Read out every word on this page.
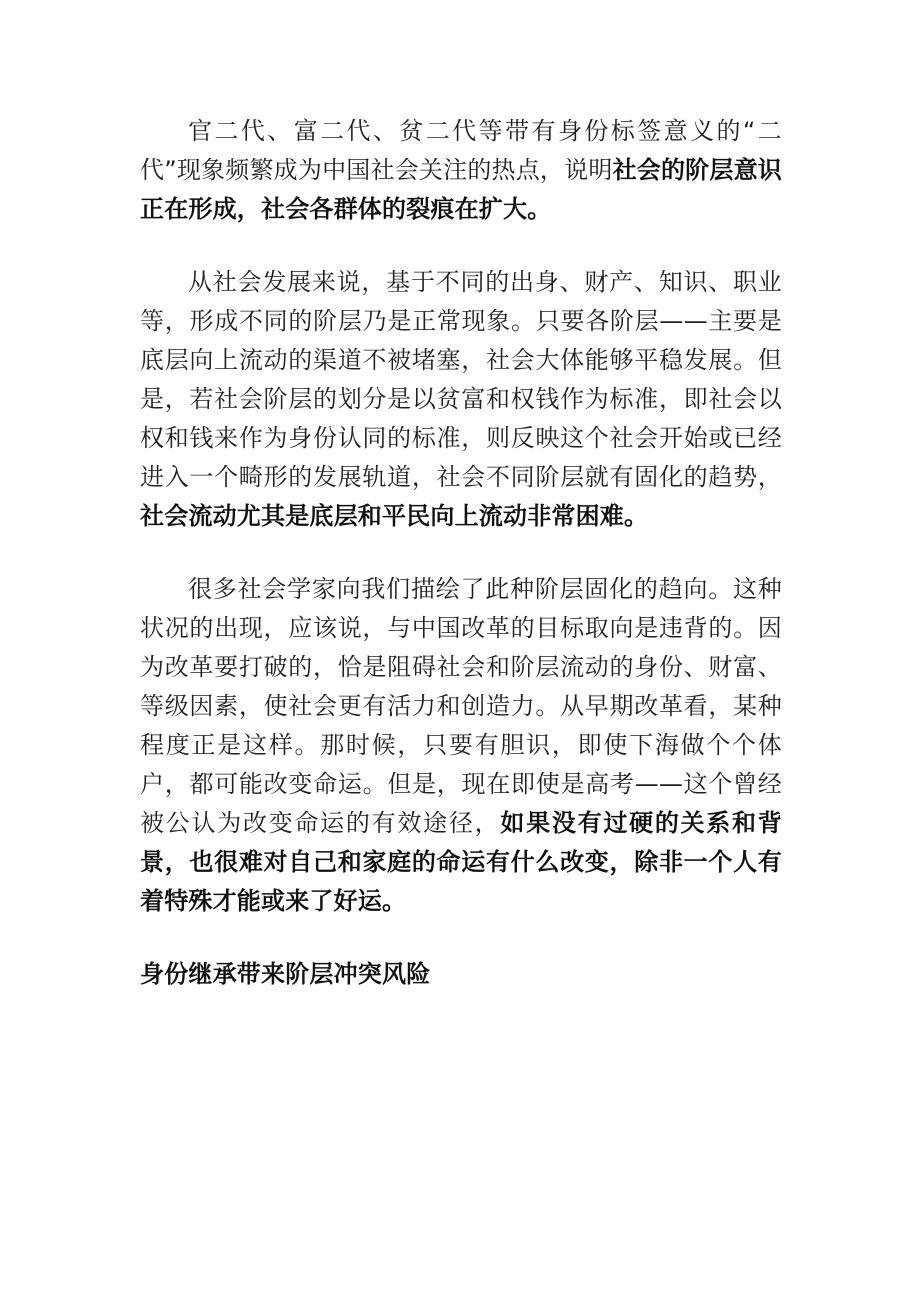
官二代、富二代、贫二代等带有身份标签意义的“二代”现象频繁成为中国社会关注的热点，说明社会的阶层意识正在形成，社会各群体的裂痕在扩大。

从社会发展来说，基于不同的出身、财产、知识、职业等，形成不同的阶层乃是正常现象。只要各阶层——主要是底层向上流动的渠道不被堵塞，社会大体能够平稳发展。但是，若社会阶层的划分是以贫富和权钱作为标准，即社会以权和钱来作为身份认同的标准，则反映这个社会开始或已经进入一个畸形的发展轨道，社会不同阶层就有固化的趋势，社会流动尤其是底层和平民向上流动非常困难。

很多社会学家向我们描绘了此种阶层固化的趋向。这种状况的出现，应该说，与中国改革的目标取向是违背的。因为改革要打破的，恰是阻碍社会和阶层流动的身份、财富、等级因素，使社会更有活力和创造力。从早期改革看，某种程度正是这样。那时候，只要有胆识，即使下海做个个体户，都可能改变命运。但是，现在即使是高考——这个曾经被公认为改变命运的有效途径，如果没有过硬的关系和背景，也很难对自己和家庭的命运有什么改变，除非一个人有着特殊才能或来了好运。

身份继承带来阶层冲突风险
